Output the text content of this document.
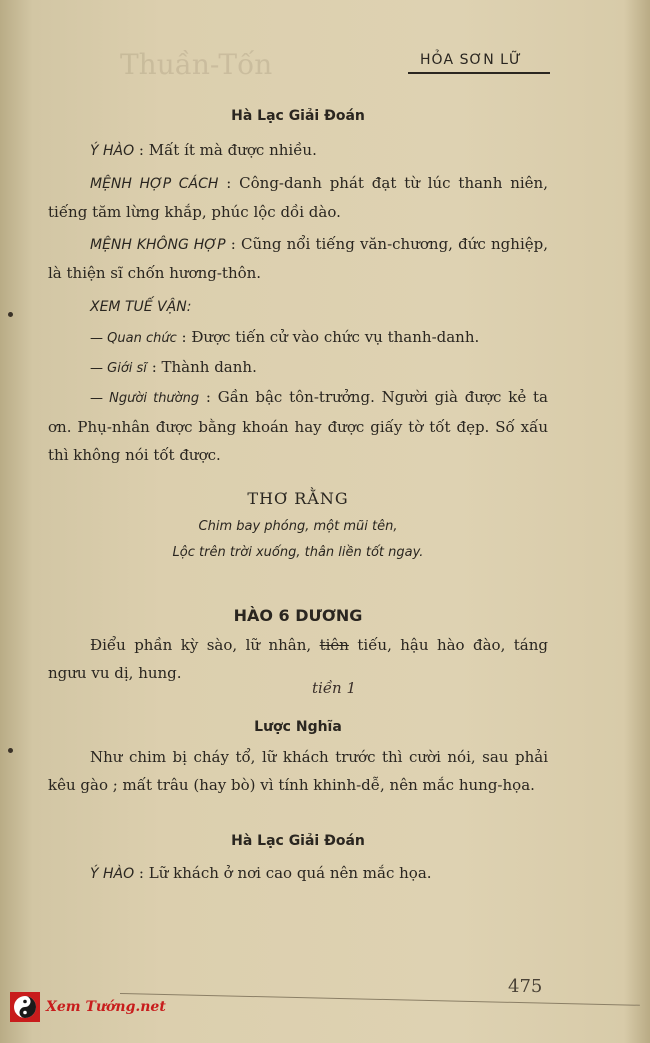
Thuần-Tốn	HỎA SƠN LỮ
Hà Lạc Giải Đoán

Ý HÀO : Mất ít mà được nhiều.

MỆNH HỢP CÁCH : Công-danh phát đạt từ lúc thanh niên, tiếng tăm lừng khắp, phúc lộc dồi dào.

MỆNH KHÔNG HỢP : Cũng nổi tiếng văn-chương, đức nghiệp, là thiện sĩ chốn hương-thôn.

XEM TUẾ VẬN:

— Quan chức : Được tiến cử vào chức vụ thanh-danh.

— Giới sĩ : Thành danh.

— Người thường : Gần bậc tôn-trưởng. Người già được kẻ ta ơn. Phụ-nhân được bằng khoán hay được giấy tờ tốt đẹp. Số xấu thì không nói tốt được.

THƠ RẰNG
Chim bay phóng, một mũi tên,
Lộc trên trời xuống, thân liền tốt ngay.
HÀO 6 DƯƠNG

Điểu phần kỳ sào, lữ nhân, tiên tiếu, hậu hào đào, táng ngưu vu dị, hung.

Lược Nghĩa

Như chim bị cháy tổ, lữ khách trước thì cười nói, sau phải kêu gào ; mất trâu (hay bò) vì tính khinh-dễ, nên mắc hung-họa.

Hà Lạc Giải Đoán

Ý HÀO : Lữ khách ở nơi cao quá nên mắc họa.

tiền 1
475
Xem Tướng.net
